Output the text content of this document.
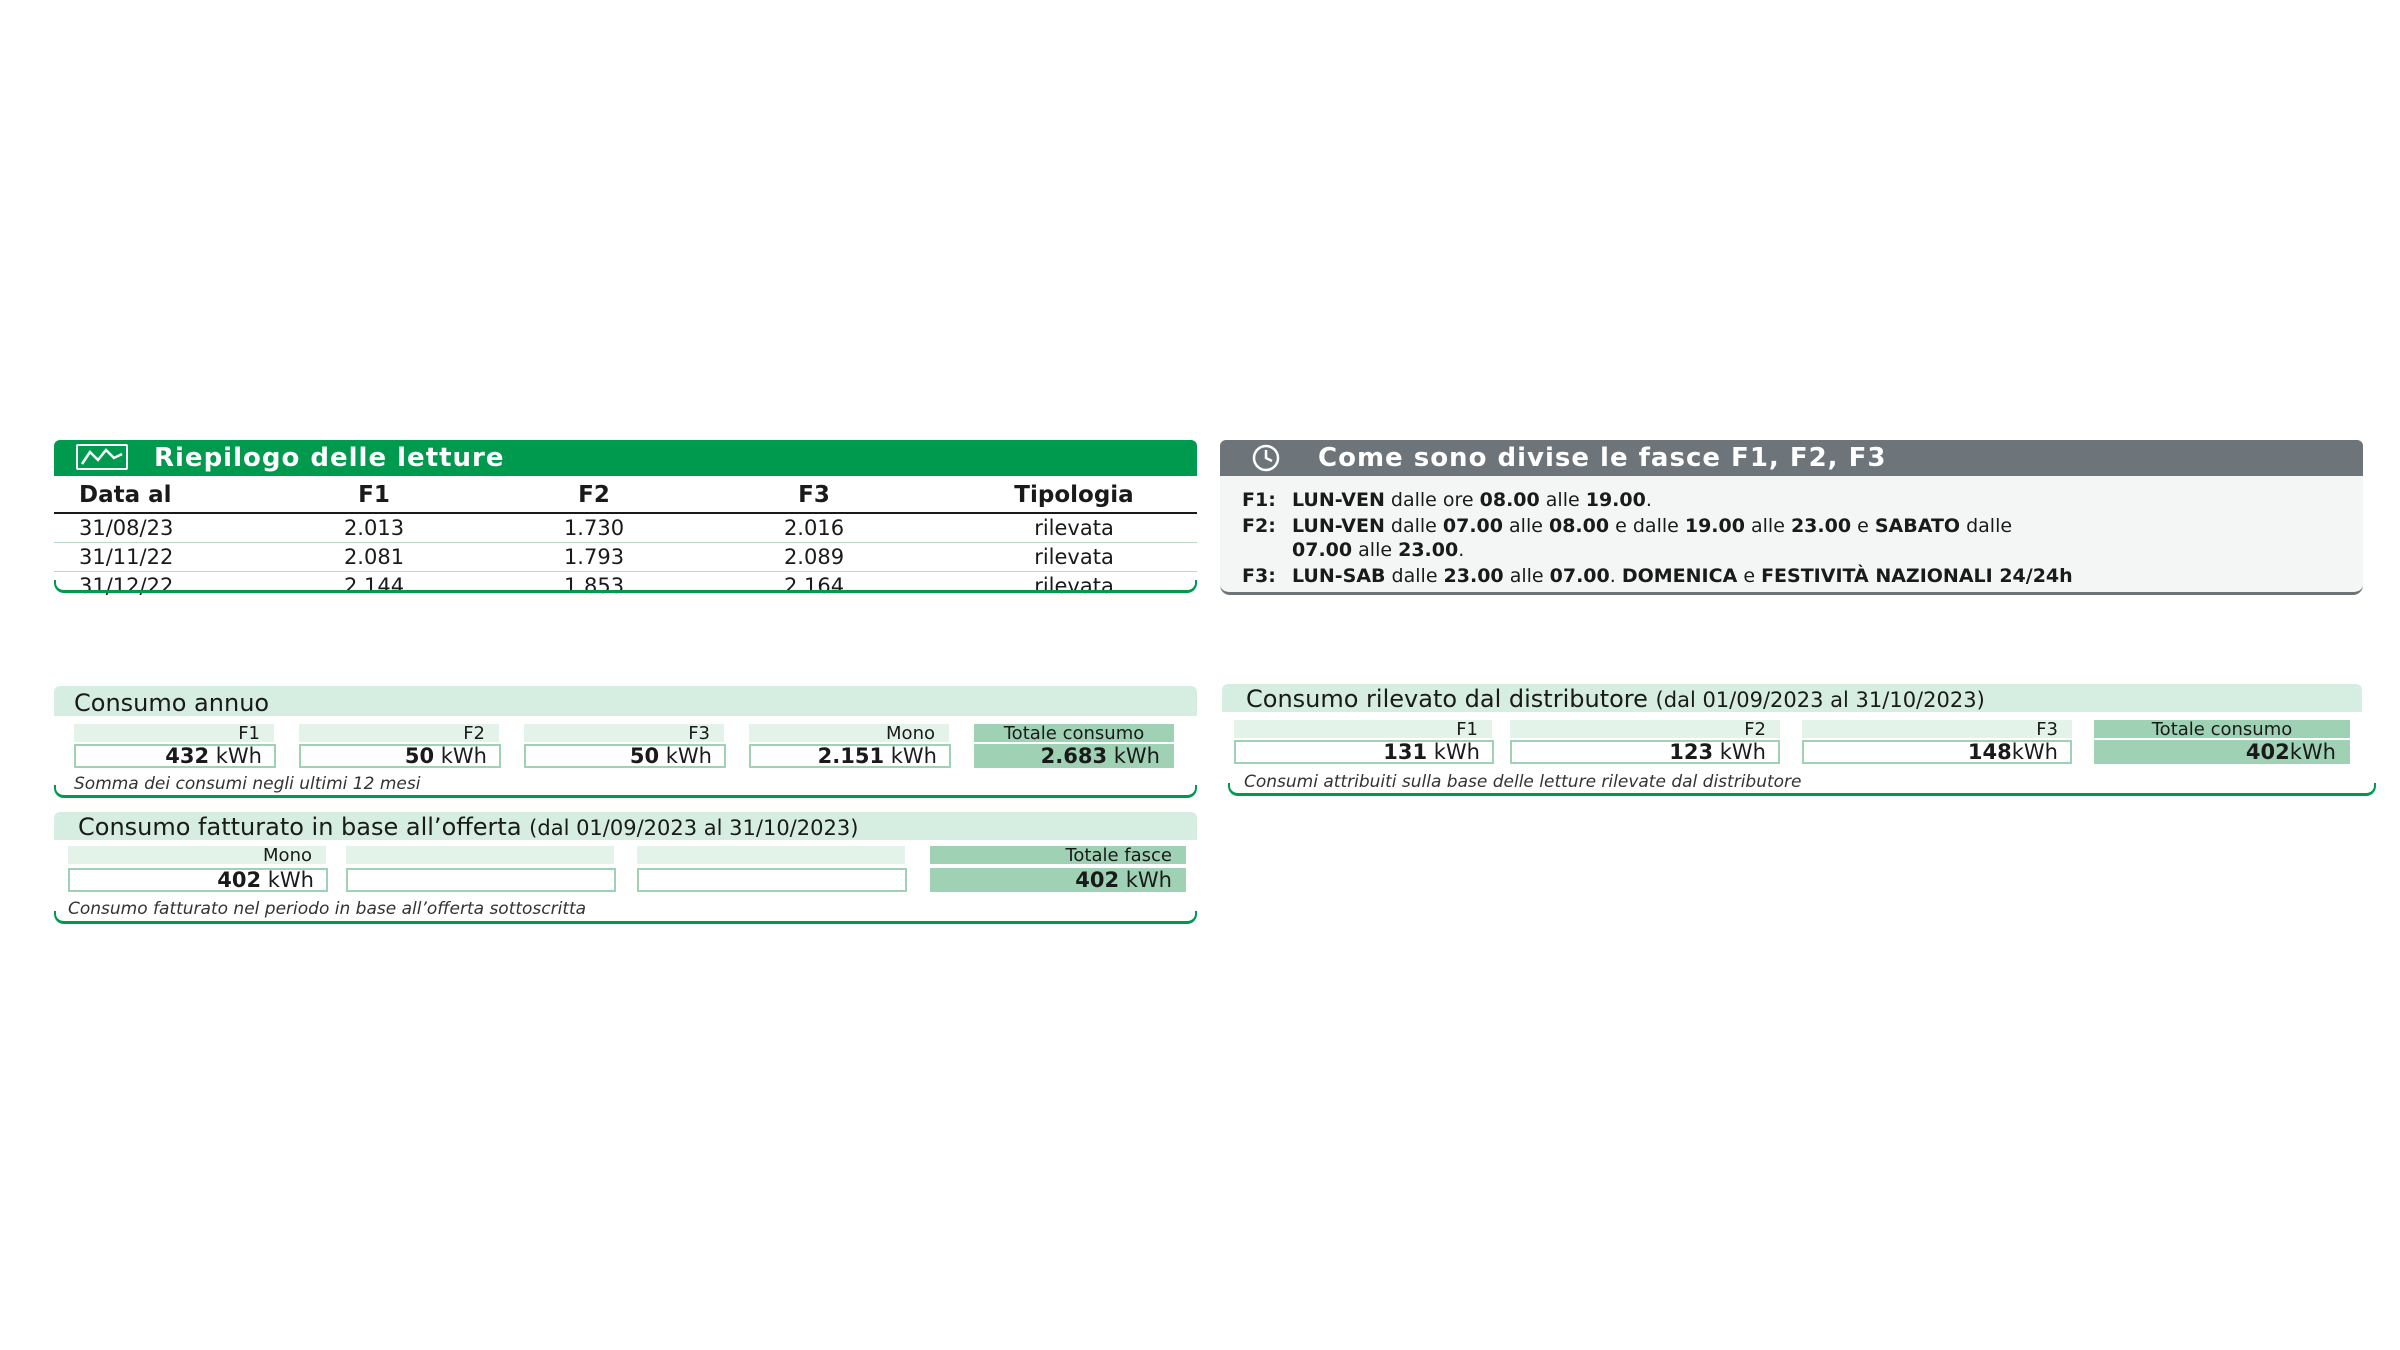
Riepilogo delle letture
Data al	F1	F2	F3	Tipologia
31/08/23	2.013	1.730	2.016	rilevata
31/11/22	2.081	1.793	2.089	rilevata
31/12/22	2.144	1.853	2.164	rilevata
Come sono divise le fasce F1, F2, F3
F1: LUN-VEN dalle ore 08.00 alle 19.00.
F2: LUN-VEN dalle 07.00 alle 08.00 e dalle 19.00 alle 23.00 e SABATO dalle
07.00 alle 23.00.
F3: LUN-SAB dalle 23.00 alle 07.00. DOMENICA e FESTIVITÀ NAZIONALI 24/24h
Consumo annuo
F1	F2	F3	Mono	Totale consumo
432 kWh	50 kWh	50 kWh	2.151 kWh	2.683 kWh
Somma dei consumi negli ultimi 12 mesi
Consumo fatturato in base all’offerta (dal 01/09/2023 al 31/10/2023)
Mono	Totale fasce
402 kWh	402 kWh
Consumo fatturato nel periodo in base all’offerta sottoscritta
Consumo rilevato dal distributore (dal 01/09/2023 al 31/10/2023)
F1	F2	F3	Totale consumo
131 kWh	123 kWh	148kWh	402kWh
Consumi attribuiti sulla base delle letture rilevate dal distributore
